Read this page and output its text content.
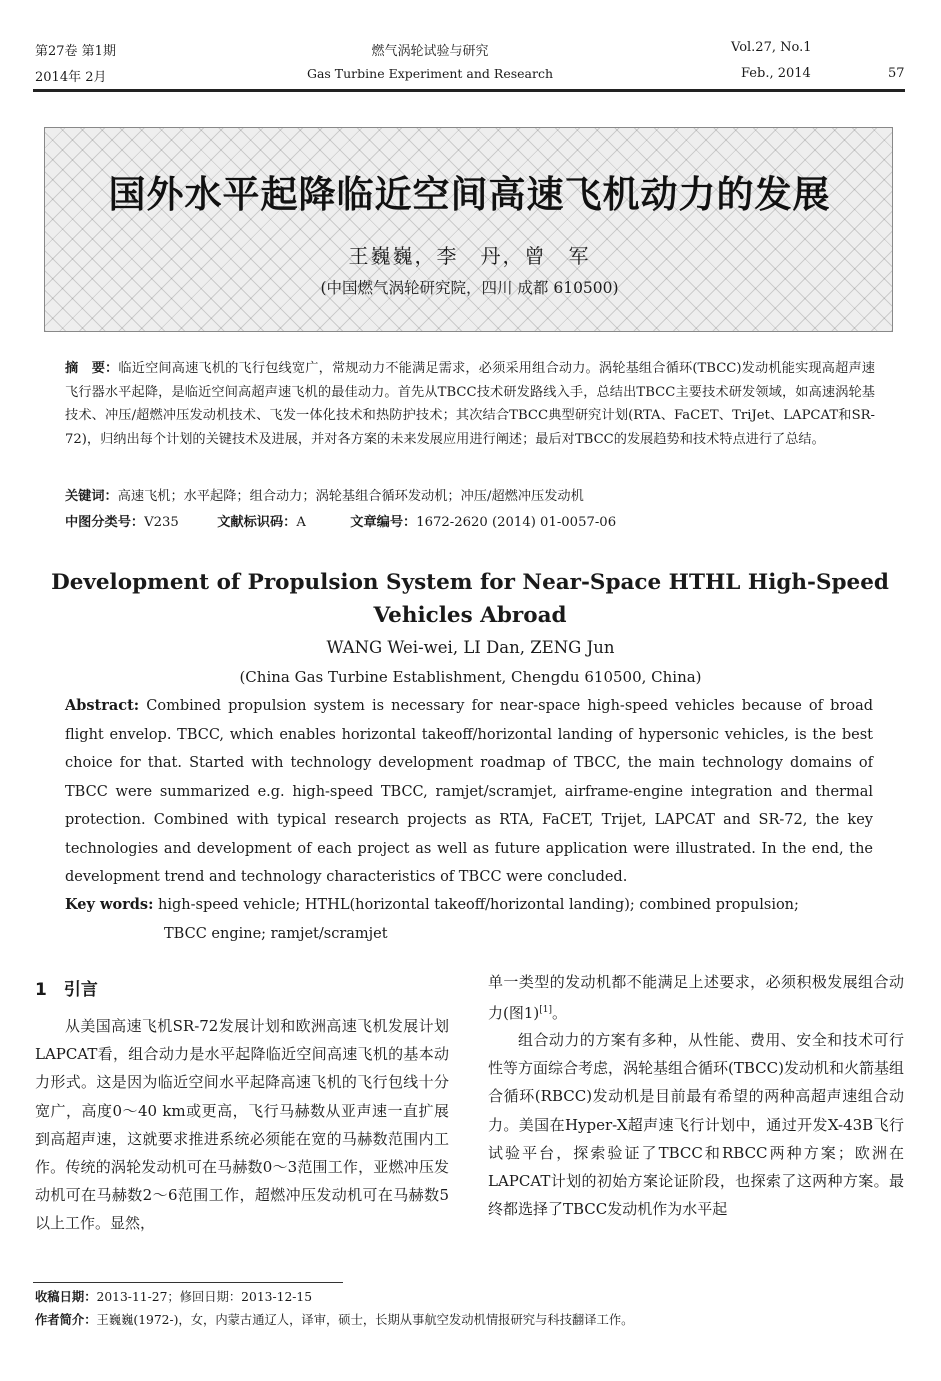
第27卷 第1期
2014年 2月
燃气涡轮试验与研究
Gas Turbine Experiment and Research
Vol.27, No.1
Feb., 2014	57
国外水平起降临近空间高速飞机动力的发展
王巍巍，李　丹，曾　军
(中国燃气涡轮研究院，四川 成都 610500)
摘　要：临近空间高速飞机的飞行包线宽广，常规动力不能满足需求，必须采用组合动力。涡轮基组合循环(TBCC)发动机能实现高超声速飞行器水平起降，是临近空间高超声速飞机的最佳动力。首先从TBCC技术研发路线入手，总结出TBCC主要技术研发领域，如高速涡轮基技术、冲压/超燃冲压发动机技术、飞发一体化技术和热防护技术；其次结合TBCC典型研究计划(RTA、FaCET、TriJet、LAPCAT和SR-72)，归纳出每个计划的关键技术及进展，并对各方案的未来发展应用进行阐述；最后对TBCC的发展趋势和技术特点进行了总结。
关键词：高速飞机；水平起降；组合动力；涡轮基组合循环发动机；冲压/超燃冲压发动机
中图分类号：V235	文献标识码：A	文章编号：1672-2620 (2014) 01-0057-06
Development of Propulsion System for Near-Space HTHL High-Speed
Vehicles Abroad
WANG Wei-wei, LI Dan, ZENG Jun
(China Gas Turbine Establishment, Chengdu 610500, China)
Abstract: Combined propulsion system is necessary for near-space high-speed vehicles because of broad flight envelop. TBCC, which enables horizontal takeoff/horizontal landing of hypersonic vehicles, is the best choice for that. Started with technology development roadmap of TBCC, the main technology domains of TBCC were summarized e.g. high-speed TBCC, ramjet/scramjet, airframe-engine integration and thermal protection. Combined with typical research projects as RTA, FaCET, Trijet, LAPCAT and SR-72, the key technologies and development of each project as well as future application were illustrated. In the end, the development trend and technology characteristics of TBCC were concluded.
Key words: high-speed vehicle; HTHL(horizontal takeoff/horizontal landing); combined propulsion;
TBCC engine; ramjet/scramjet
1　引言
从美国高速飞机SR-72发展计划和欧洲高速飞机发展计划LAPCAT看，组合动力是水平起降临近空间高速飞机的基本动力形式。这是因为临近空间水平起降高速飞机的飞行包线十分宽广，高度0～40 km或更高，飞行马赫数从亚声速一直扩展到高超声速，这就要求推进系统必须能在宽的马赫数范围内工作。传统的涡轮发动机可在马赫数0～3范围工作，亚燃冲压发动机可在马赫数2～6范围工作，超燃冲压发动机可在马赫数5以上工作。显然，
单一类型的发动机都不能满足上述要求，必须积极发展组合动力(图1)[1]。
组合动力的方案有多种，从性能、费用、安全和技术可行性等方面综合考虑，涡轮基组合循环(TBCC)发动机和火箭基组合循环(RBCC)发动机是目前最有希望的两种高超声速组合动力。美国在Hyper-X超声速飞行计划中，通过开发X-43B飞行试验平台，探索验证了TBCC和RBCC两种方案；欧洲在LAPCAT计划的初始方案论证阶段，也探索了这两种方案。最终都选择了TBCC发动机作为水平起
收稿日期：2013-11-27；修回日期：2013-12-15
作者简介：王巍巍(1972-)，女，内蒙古通辽人，译审，硕士，长期从事航空发动机情报研究与科技翻译工作。
